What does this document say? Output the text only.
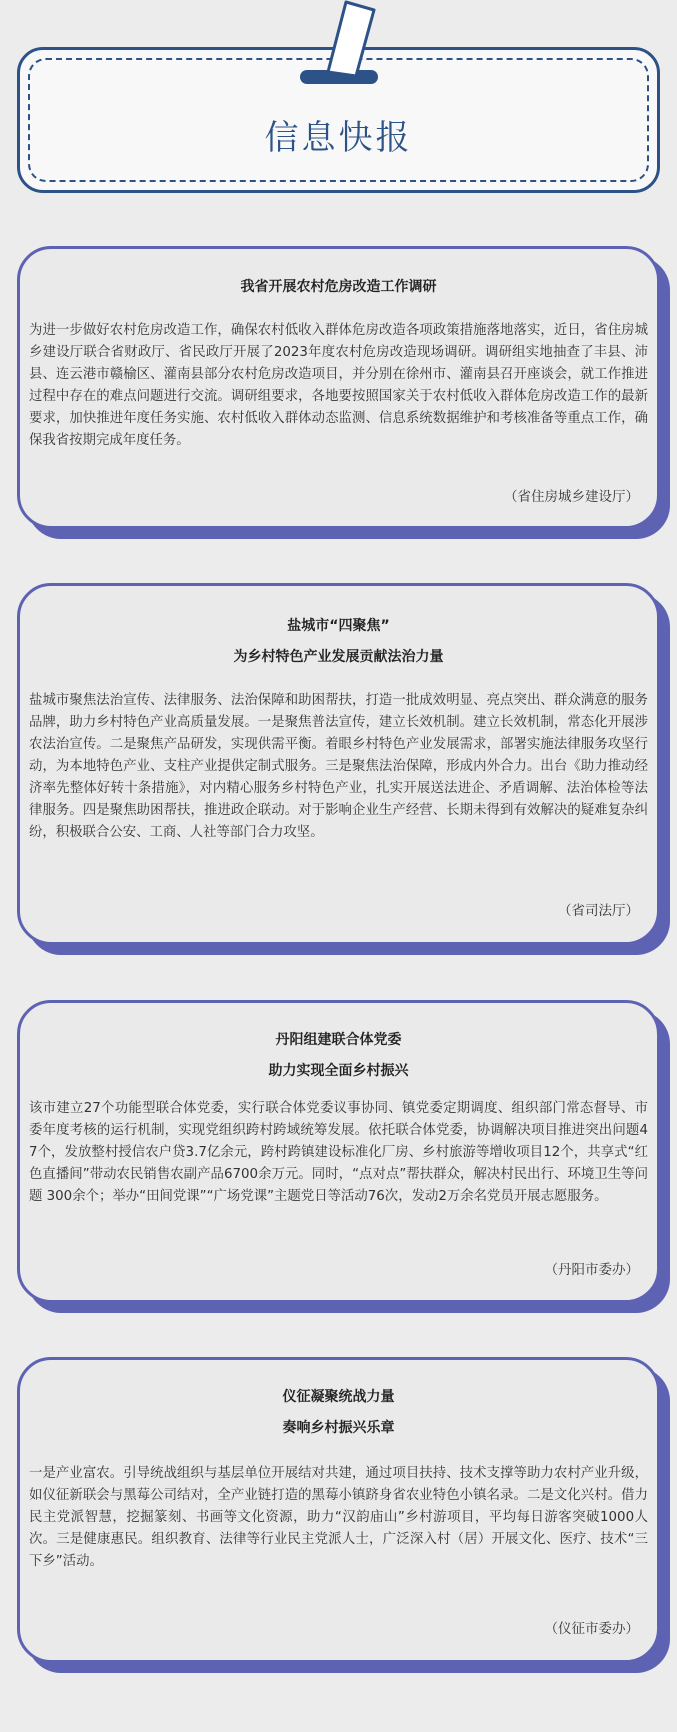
信息快报
我省开展农村危房改造工作调研

为进一步做好农村危房改造工作，确保农村低收入群体危房改造各项政策措施落地落实，近日，省住房城乡建设厅联合省财政厅、省民政厅开展了2023年度农村危房改造现场调研。调研组实地抽查了丰县、沛县、连云港市赣榆区、灌南县部分农村危房改造项目，并分别在徐州市、灌南县召开座谈会，就工作推进过程中存在的难点问题进行交流。调研组要求，各地要按照国家关于农村低收入群体危房改造工作的最新要求，加快推进年度任务实施、农村低收入群体动态监测、信息系统数据维护和考核准备等重点工作，确保我省按期完成年度任务。

（省住房城乡建设厅）
盐城市“四聚焦”
为乡村特色产业发展贡献法治力量

盐城市聚焦法治宣传、法律服务、法治保障和助困帮扶，打造一批成效明显、亮点突出、群众满意的服务品牌，助力乡村特色产业高质量发展。一是聚焦普法宣传，建立长效机制。建立长效机制，常态化开展涉农法治宣传。二是聚焦产品研发，实现供需平衡。着眼乡村特色产业发展需求，部署实施法律服务攻坚行动，为本地特色产业、支柱产业提供定制式服务。三是聚焦法治保障，形成内外合力。出台《助力推动经济率先整体好转十条措施》，对内精心服务乡村特色产业，扎实开展送法进企、矛盾调解、法治体检等法律服务。四是聚焦助困帮扶，推进政企联动。对于影响企业生产经营、长期未得到有效解决的疑难复杂纠纷，积极联合公安、工商、人社等部门合力攻坚。

（省司法厅）
丹阳组建联合体党委
助力实现全面乡村振兴

该市建立27个功能型联合体党委，实行联合体党委议事协同、镇党委定期调度、组织部门常态督导、市委年度考核的运行机制，实现党组织跨村跨域统筹发展。依托联合体党委，协调解决项目推进突出问题47个，发放整村授信农户贷3.7亿余元，跨村跨镇建设标准化厂房、乡村旅游等增收项目12个，共享式“红色直播间”带动农民销售农副产品6700余万元。同时，“点对点”帮扶群众，解决村民出行、环境卫生等问题 300余个；举办“田间党课”“广场党课”主题党日等活动76次，发动2万余名党员开展志愿服务。

（丹阳市委办）
仪征凝聚统战力量
奏响乡村振兴乐章

一是产业富农。引导统战组织与基层单位开展结对共建，通过项目扶持、技术支撑等助力农村产业升级，如仪征新联会与黑莓公司结对，全产业链打造的黑莓小镇跻身省农业特色小镇名录。二是文化兴村。借力民主党派智慧，挖掘篆刻、书画等文化资源，助力“汉韵庙山”乡村游项目，平均每日游客突破1000人次。三是健康惠民。组织教育、法律等行业民主党派人士，广泛深入村（居）开展文化、医疗、技术“三下乡”活动。

（仪征市委办）
